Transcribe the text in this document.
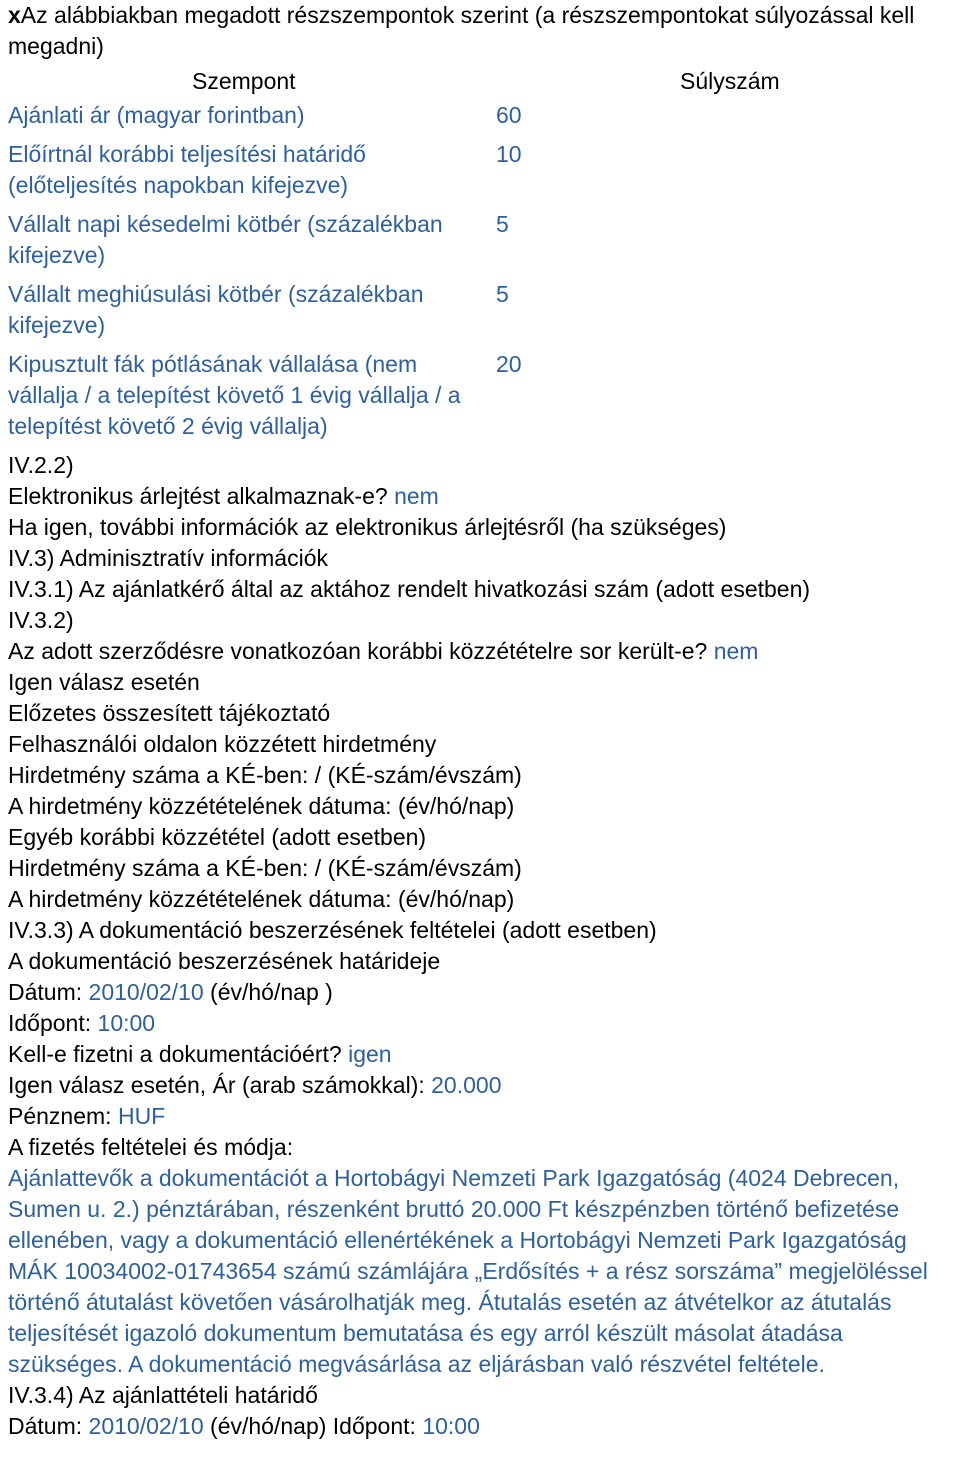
xAz alábbiakban megadott részszempontok szerint (a részszempontokat súlyozással kell megadni)
Szempont	Súlyszám
Ajánlati ár (magyar forintban)	60
Előírtnál korábbi teljesítési határidő (előteljesítés napokban kifejezve)
10
Vállalt napi késedelmi kötbér (százalékban kifejezve)
5
Vállalt meghiúsulási kötbér (százalékban kifejezve)
5
Kipusztult fák pótlásának vállalása (nem vállalja / a telepítést követő 1 évig vállalja / a telepítést követő 2 évig vállalja)
20
IV.2.2)
Elektronikus árlejtést alkalmaznak-e? nem
Ha igen, további információk az elektronikus árlejtésről (ha szükséges)
IV.3) Adminisztratív információk
IV.3.1) Az ajánlatkérő által az aktához rendelt hivatkozási szám (adott esetben)
IV.3.2)
Az adott szerződésre vonatkozóan korábbi közzétételre sor került-e? nem
Igen válasz esetén
Előzetes összesített tájékoztató
Felhasználói oldalon közzétett hirdetmény
Hirdetmény száma a KÉ-ben: / (KÉ-szám/évszám)
A hirdetmény közzétételének dátuma: (év/hó/nap)
Egyéb korábbi közzététel (adott esetben)
Hirdetmény száma a KÉ-ben: / (KÉ-szám/évszám)
A hirdetmény közzétételének dátuma: (év/hó/nap)
IV.3.3) A dokumentáció beszerzésének feltételei (adott esetben)
A dokumentáció beszerzésének határideje
Dátum: 2010/02/10 (év/hó/nap )
Időpont: 10:00
Kell-e fizetni a dokumentációért? igen
Igen válasz esetén, Ár (arab számokkal): 20.000
Pénznem: HUF
A fizetés feltételei és módja:
Ajánlattevők a dokumentációt a Hortobágyi Nemzeti Park Igazgatóság (4024 Debrecen, Sumen u. 2.) pénztárában, részenként bruttó 20.000 Ft készpénzben történő befizetése ellenében, vagy a dokumentáció ellenértékének a Hortobágyi Nemzeti Park Igazgatóság MÁK 10034002-01743654 számú számlájára „Erdősítés + a rész sorszáma” megjelöléssel történő átutalást követően vásárolhatják meg. Átutalás esetén az átvételkor az átutalás teljesítését igazoló dokumentum bemutatása és egy arról készült másolat átadása szükséges. A dokumentáció megvásárlása az eljárásban való részvétel feltétele.
IV.3.4) Az ajánlattételi határidő
Dátum: 2010/02/10 (év/hó/nap) Időpont: 10:00
